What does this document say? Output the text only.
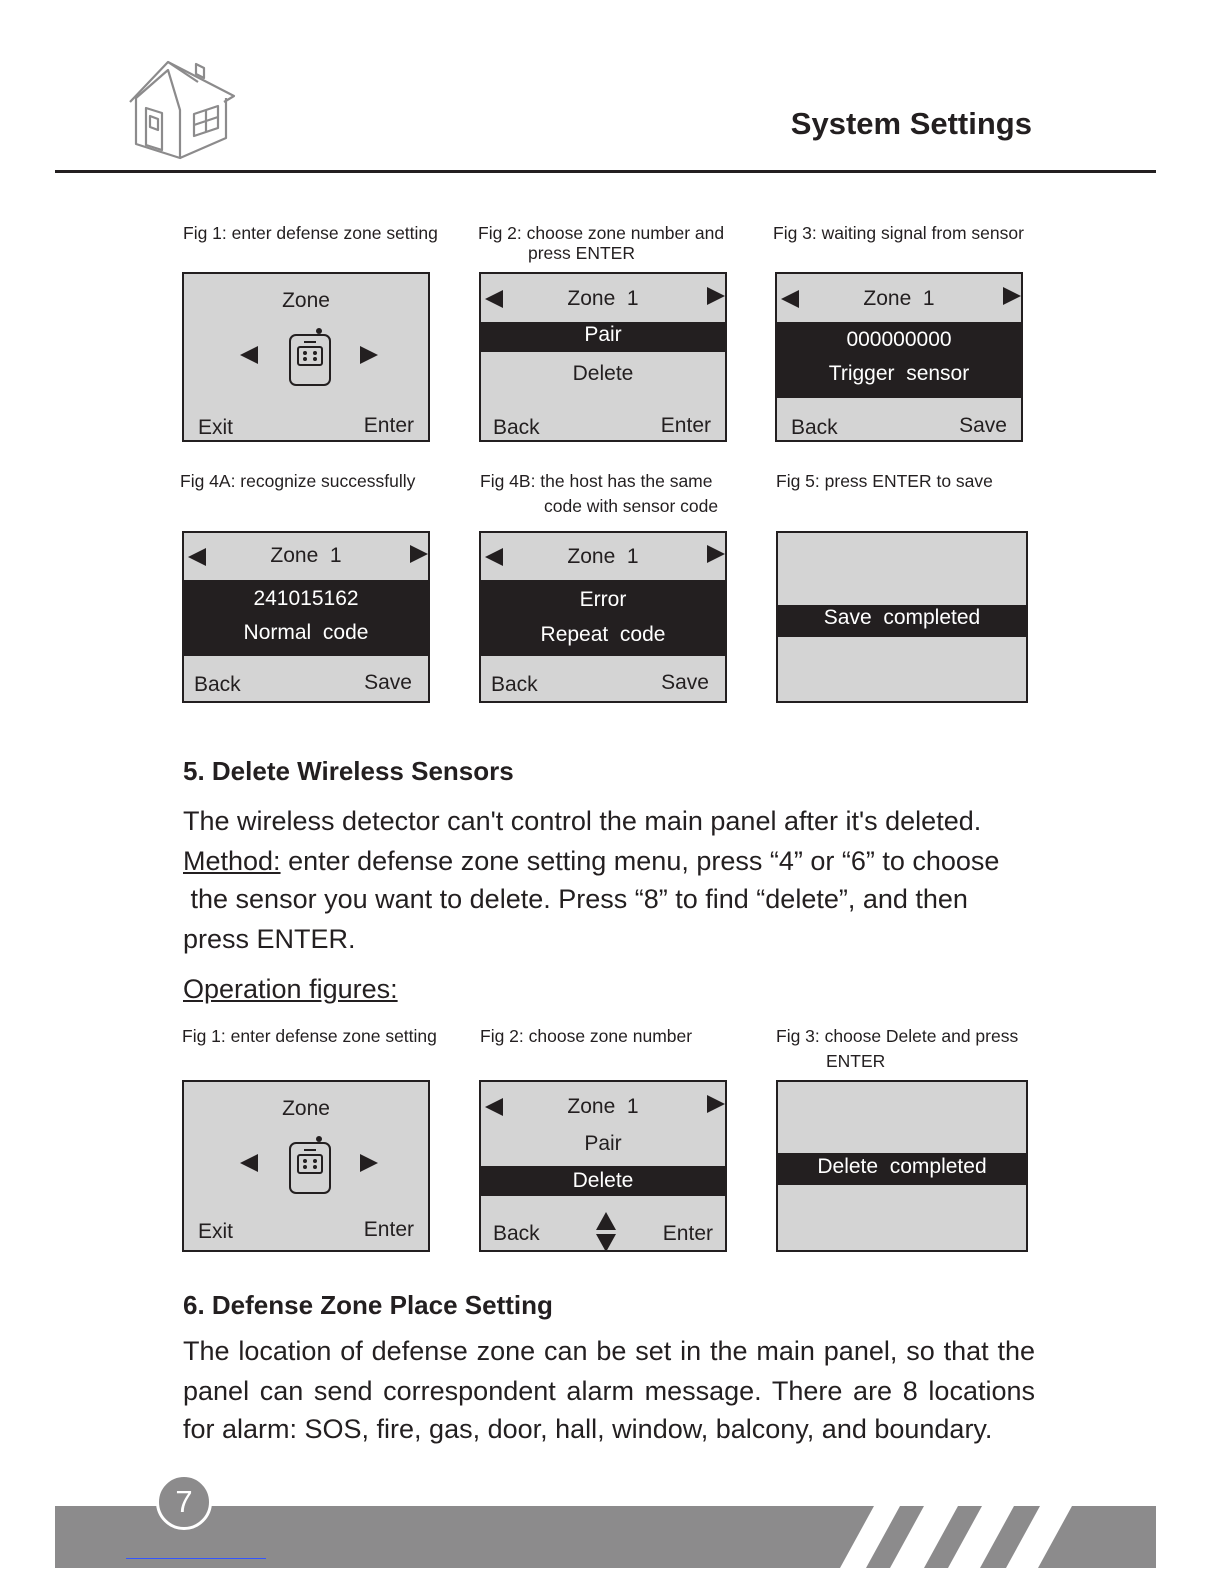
System Settings
Fig 1: enter defense zone setting Fig 2: choose zone number and
press ENTER
Fig 3: waiting signal from sensor
Zone
Exit	Enter
Zone  1
Pair
Delete
Back	Enter
Zone  1
000000000
Trigger  sensor
Back	Save
Fig 4A: recognize successfully	Fig 4B: the host has the same
code with sensor code
Fig 5: press ENTER to save
Zone  1
241015162
Normal  code
Back	Save
Zone  1
Error
Repeat  code
Back	Save
Save  completed
5. Delete Wireless Sensors
The wireless detector can't control the main panel after it's deleted.
Method: enter defense zone setting menu, press “4” or “6” to choose
the sensor you want to delete. Press “8” to find “delete”, and then
press ENTER.
Operation figures:
Fig 1: enter defense zone setting Fig 2: choose zone number	Fig 3: choose Delete and press
ENTER
Zone
Exit	Enter
Zone  1
Pair
Delete
Back	Enter
Delete  completed
6. Defense Zone Place Setting
The location of defense zone can be set in the main panel, so that the
panel can send correspondent alarm message. There are 8 locations
for alarm: SOS, fire, gas, door, hall, window, balcony, and boundary.
7
